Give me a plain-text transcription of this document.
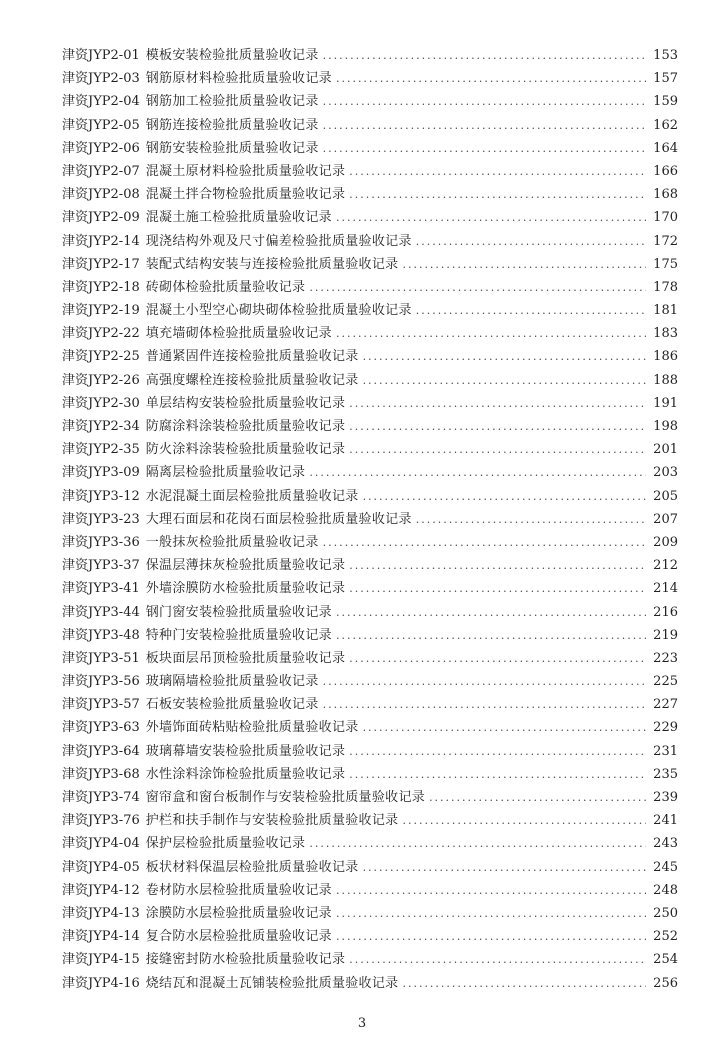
津资JYP2-01 模板安装检验批质量验收记录 .....	153
津资JYP2-03 钢筋原材料检验批质量验收记录 .....	157
津资JYP2-04 钢筋加工检验批质量验收记录 .....	159
津资JYP2-05 钢筋连接检验批质量验收记录 .....	162
津资JYP2-06 钢筋安装检验批质量验收记录 .....	164
津资JYP2-07 混凝土原材料检验批质量验收记录 .....	166
津资JYP2-08 混凝土拌合物检验批质量验收记录 .....	168
津资JYP2-09 混凝土施工检验批质量验收记录 .....	170
津资JYP2-14 现浇结构外观及尺寸偏差检验批质量验收记录 .....	172
津资JYP2-17 装配式结构安装与连接检验批质量验收记录 .....	175
津资JYP2-18 砖砌体检验批质量验收记录 .....	178
津资JYP2-19 混凝土小型空心砌块砌体检验批质量验收记录 .....	181
津资JYP2-22 填充墙砌体检验批质量验收记录 .....	183
津资JYP2-25 普通紧固件连接检验批质量验收记录 .....	186
津资JYP2-26 高强度螺栓连接检验批质量验收记录 .....	188
津资JYP2-30 单层结构安装检验批质量验收记录 .....	191
津资JYP2-34 防腐涂料涂装检验批质量验收记录 .....	198
津资JYP2-35 防火涂料涂装检验批质量验收记录 .....	201
津资JYP3-09 隔离层检验批质量验收记录 .....	203
津资JYP3-12 水泥混凝土面层检验批质量验收记录 .....	205
津资JYP3-23 大理石面层和花岗石面层检验批质量验收记录 .....	207
津资JYP3-36 一般抹灰检验批质量验收记录 .....	209
津资JYP3-37 保温层薄抹灰检验批质量验收记录 .....	212
津资JYP3-41 外墙涂膜防水检验批质量验收记录 .....	214
津资JYP3-44 钢门窗安装检验批质量验收记录 .....	216
津资JYP3-48 特种门安装检验批质量验收记录 .....	219
津资JYP3-51 板块面层吊顶检验批质量验收记录 .....	223
津资JYP3-56 玻璃隔墙检验批质量验收记录 .....	225
津资JYP3-57 石板安装检验批质量验收记录 .....	227
津资JYP3-63 外墙饰面砖粘贴检验批质量验收记录 .....	229
津资JYP3-64 玻璃幕墙安装检验批质量验收记录 .....	231
津资JYP3-68 水性涂料涂饰检验批质量验收记录 .....	235
津资JYP3-74 窗帘盒和窗台板制作与安装检验批质量验收记录 .....	239
津资JYP3-76 护栏和扶手制作与安装检验批质量验收记录 .....	241
津资JYP4-04 保护层检验批质量验收记录 .....	243
津资JYP4-05 板状材料保温层检验批质量验收记录 .....	245
津资JYP4-12 卷材防水层检验批质量验收记录 .....	248
津资JYP4-13 涂膜防水层检验批质量验收记录 .....	250
津资JYP4-14 复合防水层检验批质量验收记录 .....	252
津资JYP4-15 接缝密封防水检验批质量验收记录 .....	254
津资JYP4-16 烧结瓦和混凝土瓦铺装检验批质量验收记录 .....	256
3
